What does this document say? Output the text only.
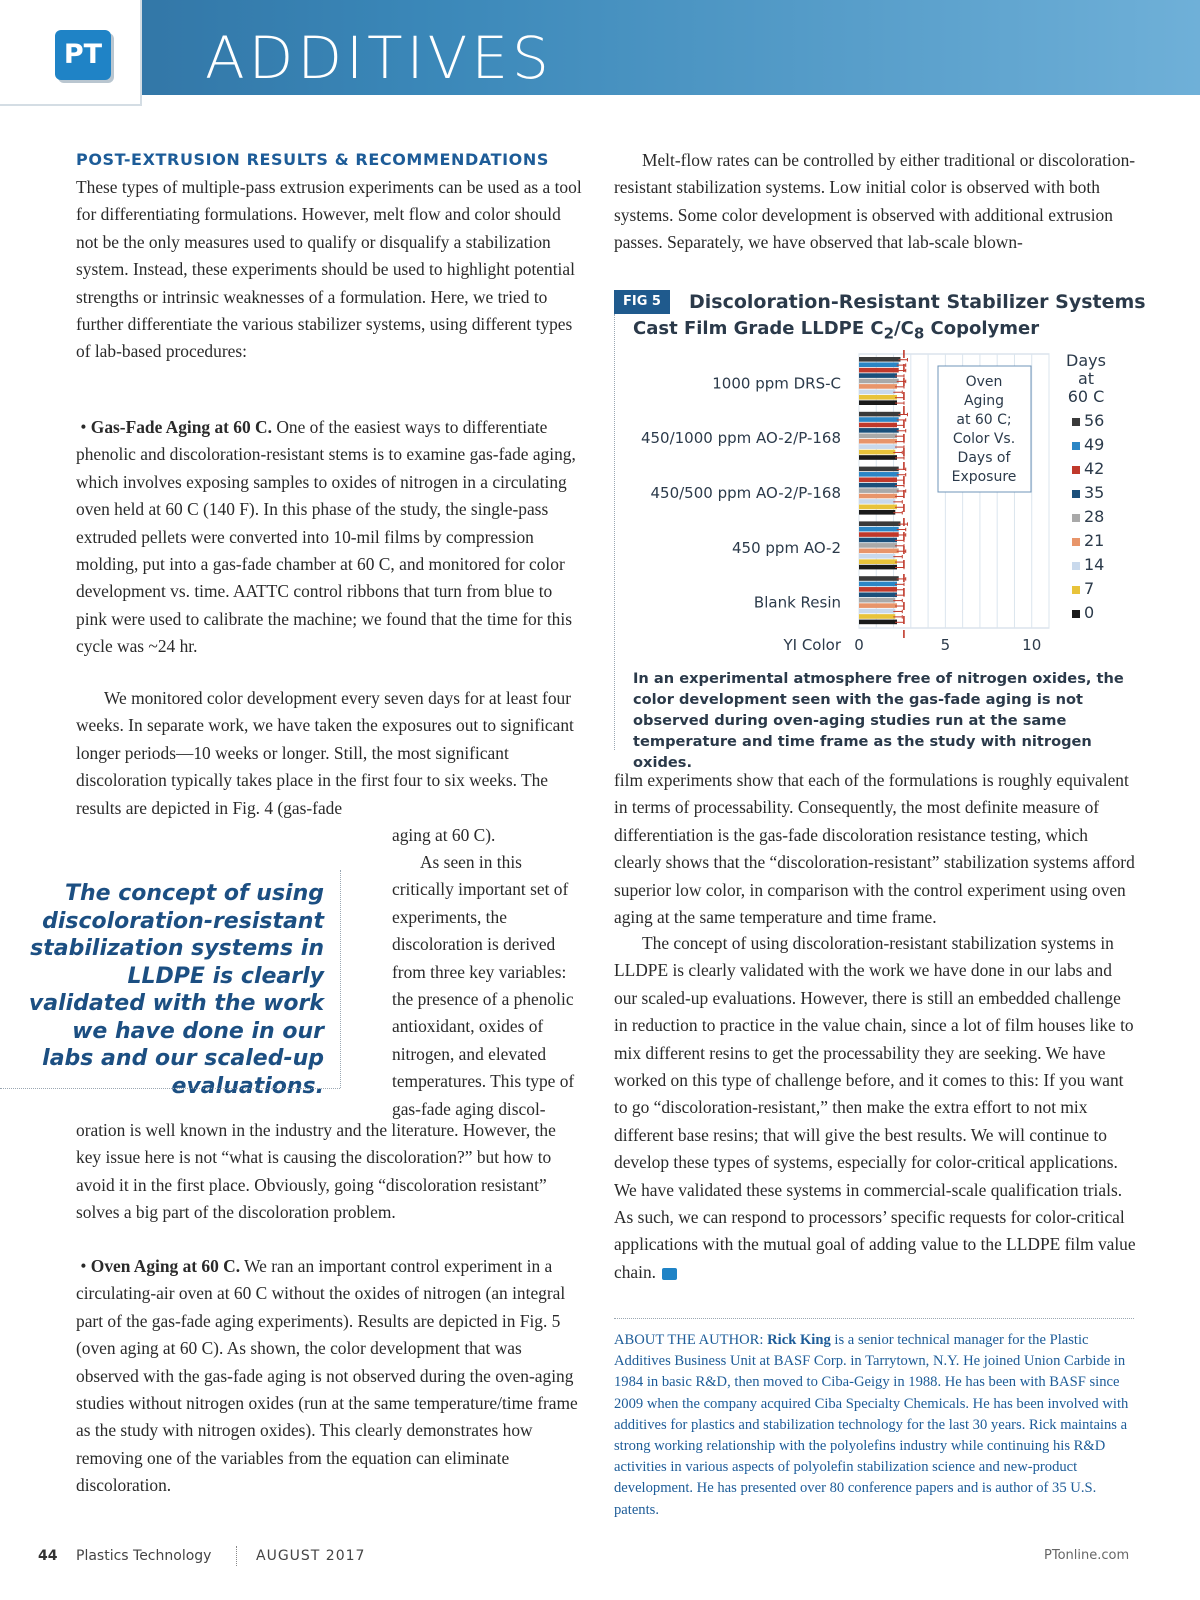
ADDITIVES
PT
POST-EXTRUSION RESULTS & RECOMMENDATIONS

These types of multiple-pass extrusion experiments can be used as a tool for differentiating formulations. However, melt flow and color should not be the only measures used to qualify or disqualify a stabilization system. Instead, these experiments should be used to highlight potential strengths or intrinsic weaknesses of a formulation. Here, we tried to further differentiate the various stabilizer systems, using different types of lab-based procedures:

• Gas-Fade Aging at 60 C. One of the easiest ways to differentiate phenolic and discoloration-resistant stems is to examine gas-fade aging, which involves exposing samples to oxides of nitrogen in a circulating oven held at 60 C (140 F). In this phase of the study, the single-pass extruded pellets were converted into 10-mil films by compression molding, put into a gas-fade chamber at 60 C, and monitored for color development vs. time. AATTC control ribbons that turn from blue to pink were used to calibrate the machine; we found that the time for this cycle was ~24 hr.

We monitored color development every seven days for at least four weeks. In separate work, we have taken the exposures out to significant longer periods—10 weeks or longer. Still, the most significant discoloration typically takes place in the first four to six weeks. The results are depicted in Fig. 4 (gas-fade

aging at 60 C).

As seen in this critically important set of experiments, the discoloration is derived from three key variables: the presence of a phenolic antioxidant, oxides of nitrogen, and elevated temperatures. This type of gas-fade aging discol-

oration is well known in the industry and the literature. However, the key issue here is not “what is causing the discoloration?” but how to avoid it in the first place. Obviously, going “discoloration resistant” solves a big part of the discoloration problem.

• Oven Aging at 60 C. We ran an important control experiment in a circulating-air oven at 60 C without the oxides of nitrogen (an integral part of the gas-fade aging experiments). Results are depicted in Fig. 5 (oven aging at 60 C). As shown, the color development that was observed with the gas-fade aging is not observed during the oven-aging studies without nitrogen oxides (run at the same temperature/time frame as the study with nitrogen oxides). This clearly demonstrates how removing one of the variables from the equation can eliminate discoloration.

The concept of using discoloration-resistant stabilization systems in LLDPE is clearly validated with the work we have done in our labs and our scaled-up evaluations.

Melt-flow rates can be controlled by either traditional or discoloration-resistant stabilization systems. Low initial color is observed with both systems. Some color development is observed with additional extrusion passes. Separately, we have observed that lab-scale blown-

FIG 5	Discoloration-Resistant Stabilizer Systems
Cast Film Grade LLDPE $C_2/C_8$ Copolymer
1000 ppm DRS-C
450/1000 ppm AO-2/P-168
450/500 ppm AO-2/P-168
450 ppm AO-2
Blank Resin
YI Color 0	5	10
Oven
Aging
at 60 C;
Color Vs.
Days of
Exposure
Days
at
60 C
56
49
42
35
28
21
14
7
0
In an experimental atmosphere free of nitrogen oxides, the color development seen with the gas-fade aging is not observed during oven-aging studies run at the same temperature and time frame as the study with nitrogen oxides.

film experiments show that each of the formulations is roughly equivalent in terms of processability. Consequently, the most definite measure of differentiation is the gas-fade discoloration resistance testing, which clearly shows that the “discoloration-resistant” stabilization systems afford superior low color, in comparison with the control experiment using oven aging at the same temperature and time frame.

The concept of using discoloration-resistant stabilization systems in LLDPE is clearly validated with the work we have done in our labs and our scaled-up evaluations. However, there is still an embedded challenge in reduction to practice in the value chain, since a lot of film houses like to mix different resins to get the processability they are seeking. We have worked on this type of challenge before, and it comes to this: If you want to go “discoloration-resistant,” then make the extra effort to not mix different base resins; that will give the best results. We will continue to develop these types of systems, especially for color-critical applications. We have validated these systems in commercial-scale qualification trials. As such, we can respond to processors’ specific requests for color-critical applications with the mutual goal of adding value to the LLDPE film value chain.	PT

ABOUT THE AUTHOR: Rick King is a senior technical manager for the Plastic Additives Business Unit at BASF Corp. in Tarrytown, N.Y. He joined Union Carbide in 1984 in basic R&D, then moved to Ciba-Geigy in 1988. He has been with BASF since 2009 when the company acquired Ciba Specialty Chemicals. He has been involved with additives for plastics and stabilization technology for the last 30 years. Rick maintains a strong working relationship with the polyolefins industry while continuing his R&D activities in various aspects of polyolefin stabilization science and new-product development. He has presented over 80 conference papers and is author of 35 U.S. patents.

44 Plastics Technology	AUGUST 2017	PTonline.com
